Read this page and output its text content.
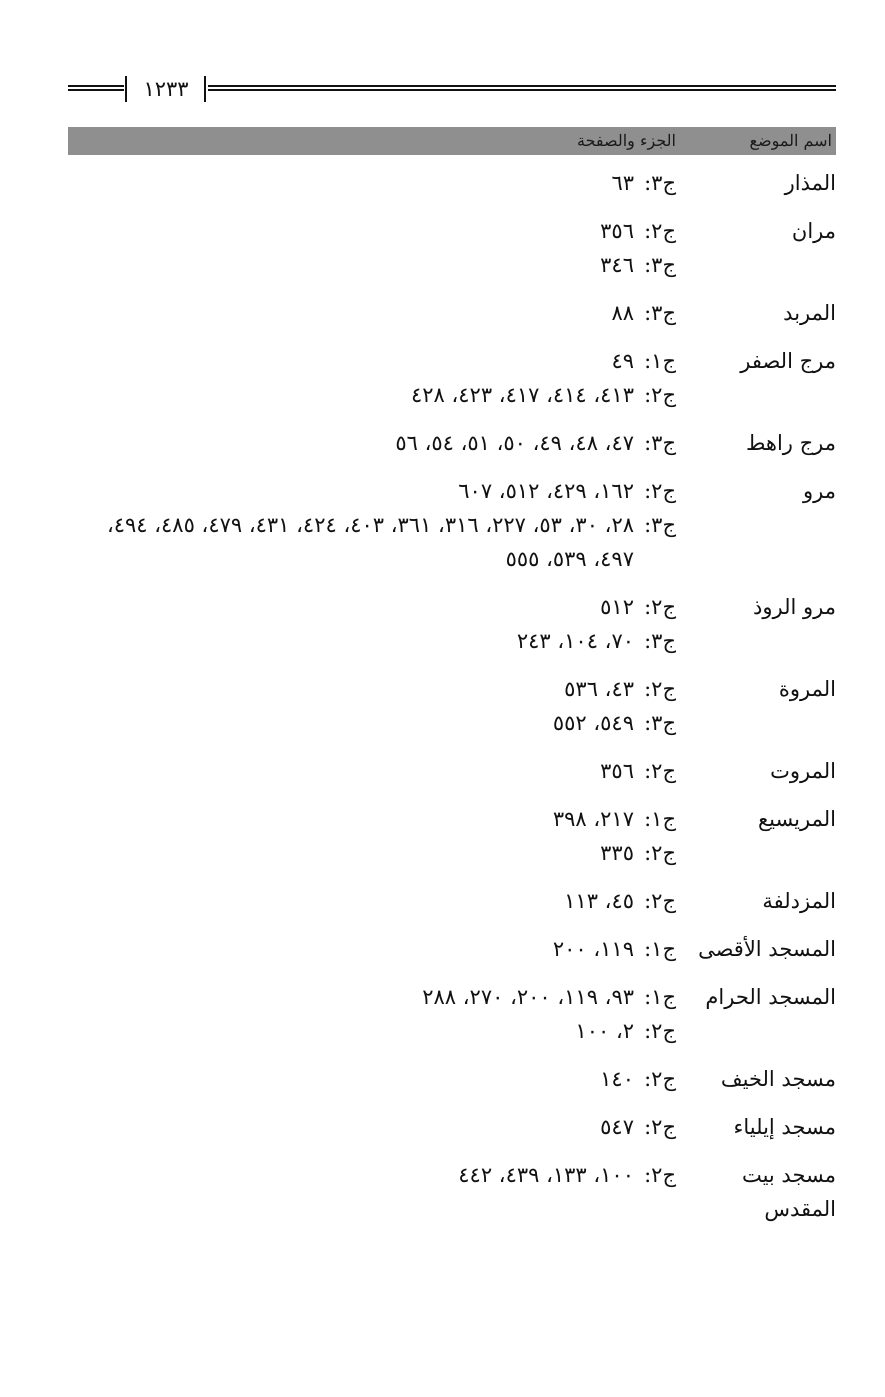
١٢٣٣
اسم الموضع
الجزء والصفحة
المذار
ج٣:٦٣
مران
ج٢:٣٥٦
ج٣:٣٤٦
المربد
ج٣:٨٨
مرج الصفر
ج١:٤٩
ج٢:٤١٣، ٤١٤، ٤١٧، ٤٢٣، ٤٢٨
مرج راهط
ج٣:٤٧، ٤٨، ٤٩، ٥٠، ٥١، ٥٤، ٥٦
مرو
ج٢:١٦٢، ٤٢٩، ٥١٢، ٦٠٧
ج٣:٢٨، ٣٠، ٥٣، ٢٢٧، ٣١٦، ٣٦١، ٤٠٣، ٤٢٤، ٤٣١، ٤٧٩، ٤٨٥، ٤٩٤، ٤٩٧، ٥٣٩، ٥٥٥
مرو الروذ
ج٢:٥١٢
ج٣:٧٠، ١٠٤، ٢٤٣
المروة
ج٢:٤٣، ٥٣٦
ج٣:٥٤٩، ٥٥٢
المروت
ج٢:٣٥٦
المريسيع
ج١:٢١٧، ٣٩٨
ج٢:٣٣٥
المزدلفة
ج٢:٤٥، ١١٣
المسجد الأقصى
ج١:١١٩، ٢٠٠
المسجد الحرام
ج١:٩٣، ١١٩، ٢٠٠، ٢٧٠، ٢٨٨
ج٢:٢، ١٠٠
مسجد الخيف
ج٢:١٤٠
مسجد إيلياء
ج٢:٥٤٧
مسجد بيت المقدس
ج٢:١٠٠، ١٣٣، ٤٣٩، ٤٤٢
